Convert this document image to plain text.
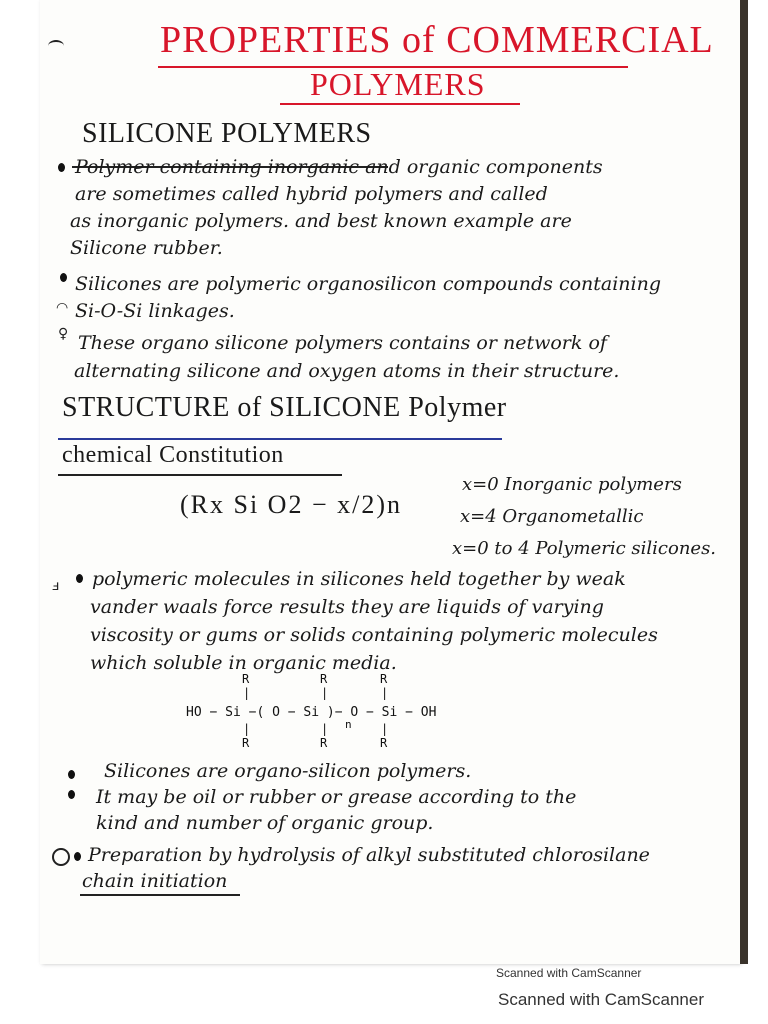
PROPERTIES of COMMERCIAL
POLYMERS
SILICONE POLYMERS
Polymer containing inorganic and organic components
are sometimes called hybrid polymers and called
as inorganic polymers. and best known example are
Silicone rubber.
Silicones are polymeric organosilicon compounds containing
◠ Si-O-Si linkages.
♀ These organo silicone polymers contains or network of
alternating silicone and oxygen atoms in their structure.
STRUCTURE of SILICONE Polymer
chemical Constitution
(Rx Si O2 − x/2)n
x=0 Inorganic polymers
x=4 Organometallic
x=0 to 4 Polymeric silicones.
ⅎ polymeric molecules in silicones held together by weak
vander waals force results they are liquids of varying
viscosity or gums or solids containing polymeric molecules
which soluble in organic media.
R	R	R
|	|	|
HO − Si −( O − Si )− O − Si − OH
n
|	|	|
R	R	R
Silicones are organo-silicon polymers.
It may be oil or rubber or grease according to the
kind and number of organic group.
Preparation by hydrolysis of alkyl substituted chlorosilane
chain initiation
Scanned with CamScanner
Scanned with CamScanner
